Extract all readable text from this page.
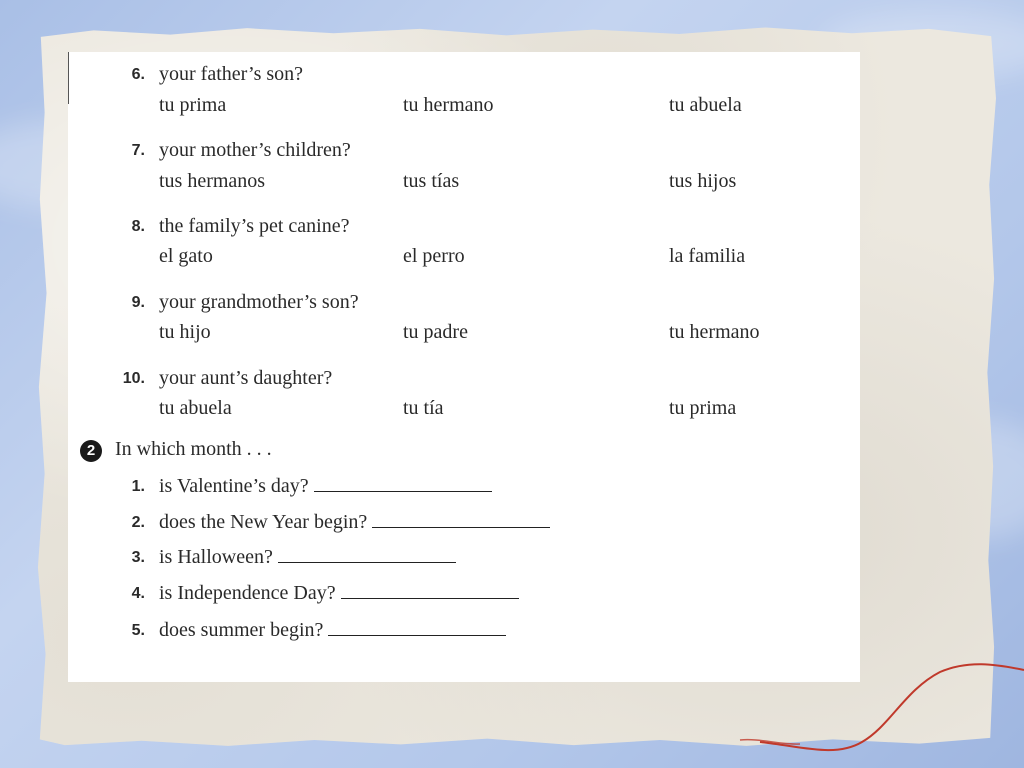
6. your father’s son?
tu prima	tu hermano	tu abuela
7. your mother’s children?
tus hermanos	tus tías	tus hijos
8. the family’s pet canine?
el gato	el perro	la familia
9. your grandmother’s son?
tu hijo	tu padre	tu hermano
10. your aunt’s daughter?
tu abuela	tu tía	tu prima
2 In which month . . .
1. is Valentine’s day?
2. does the New Year begin?
3. is Halloween?
4. is Independence Day?
5. does summer begin?
